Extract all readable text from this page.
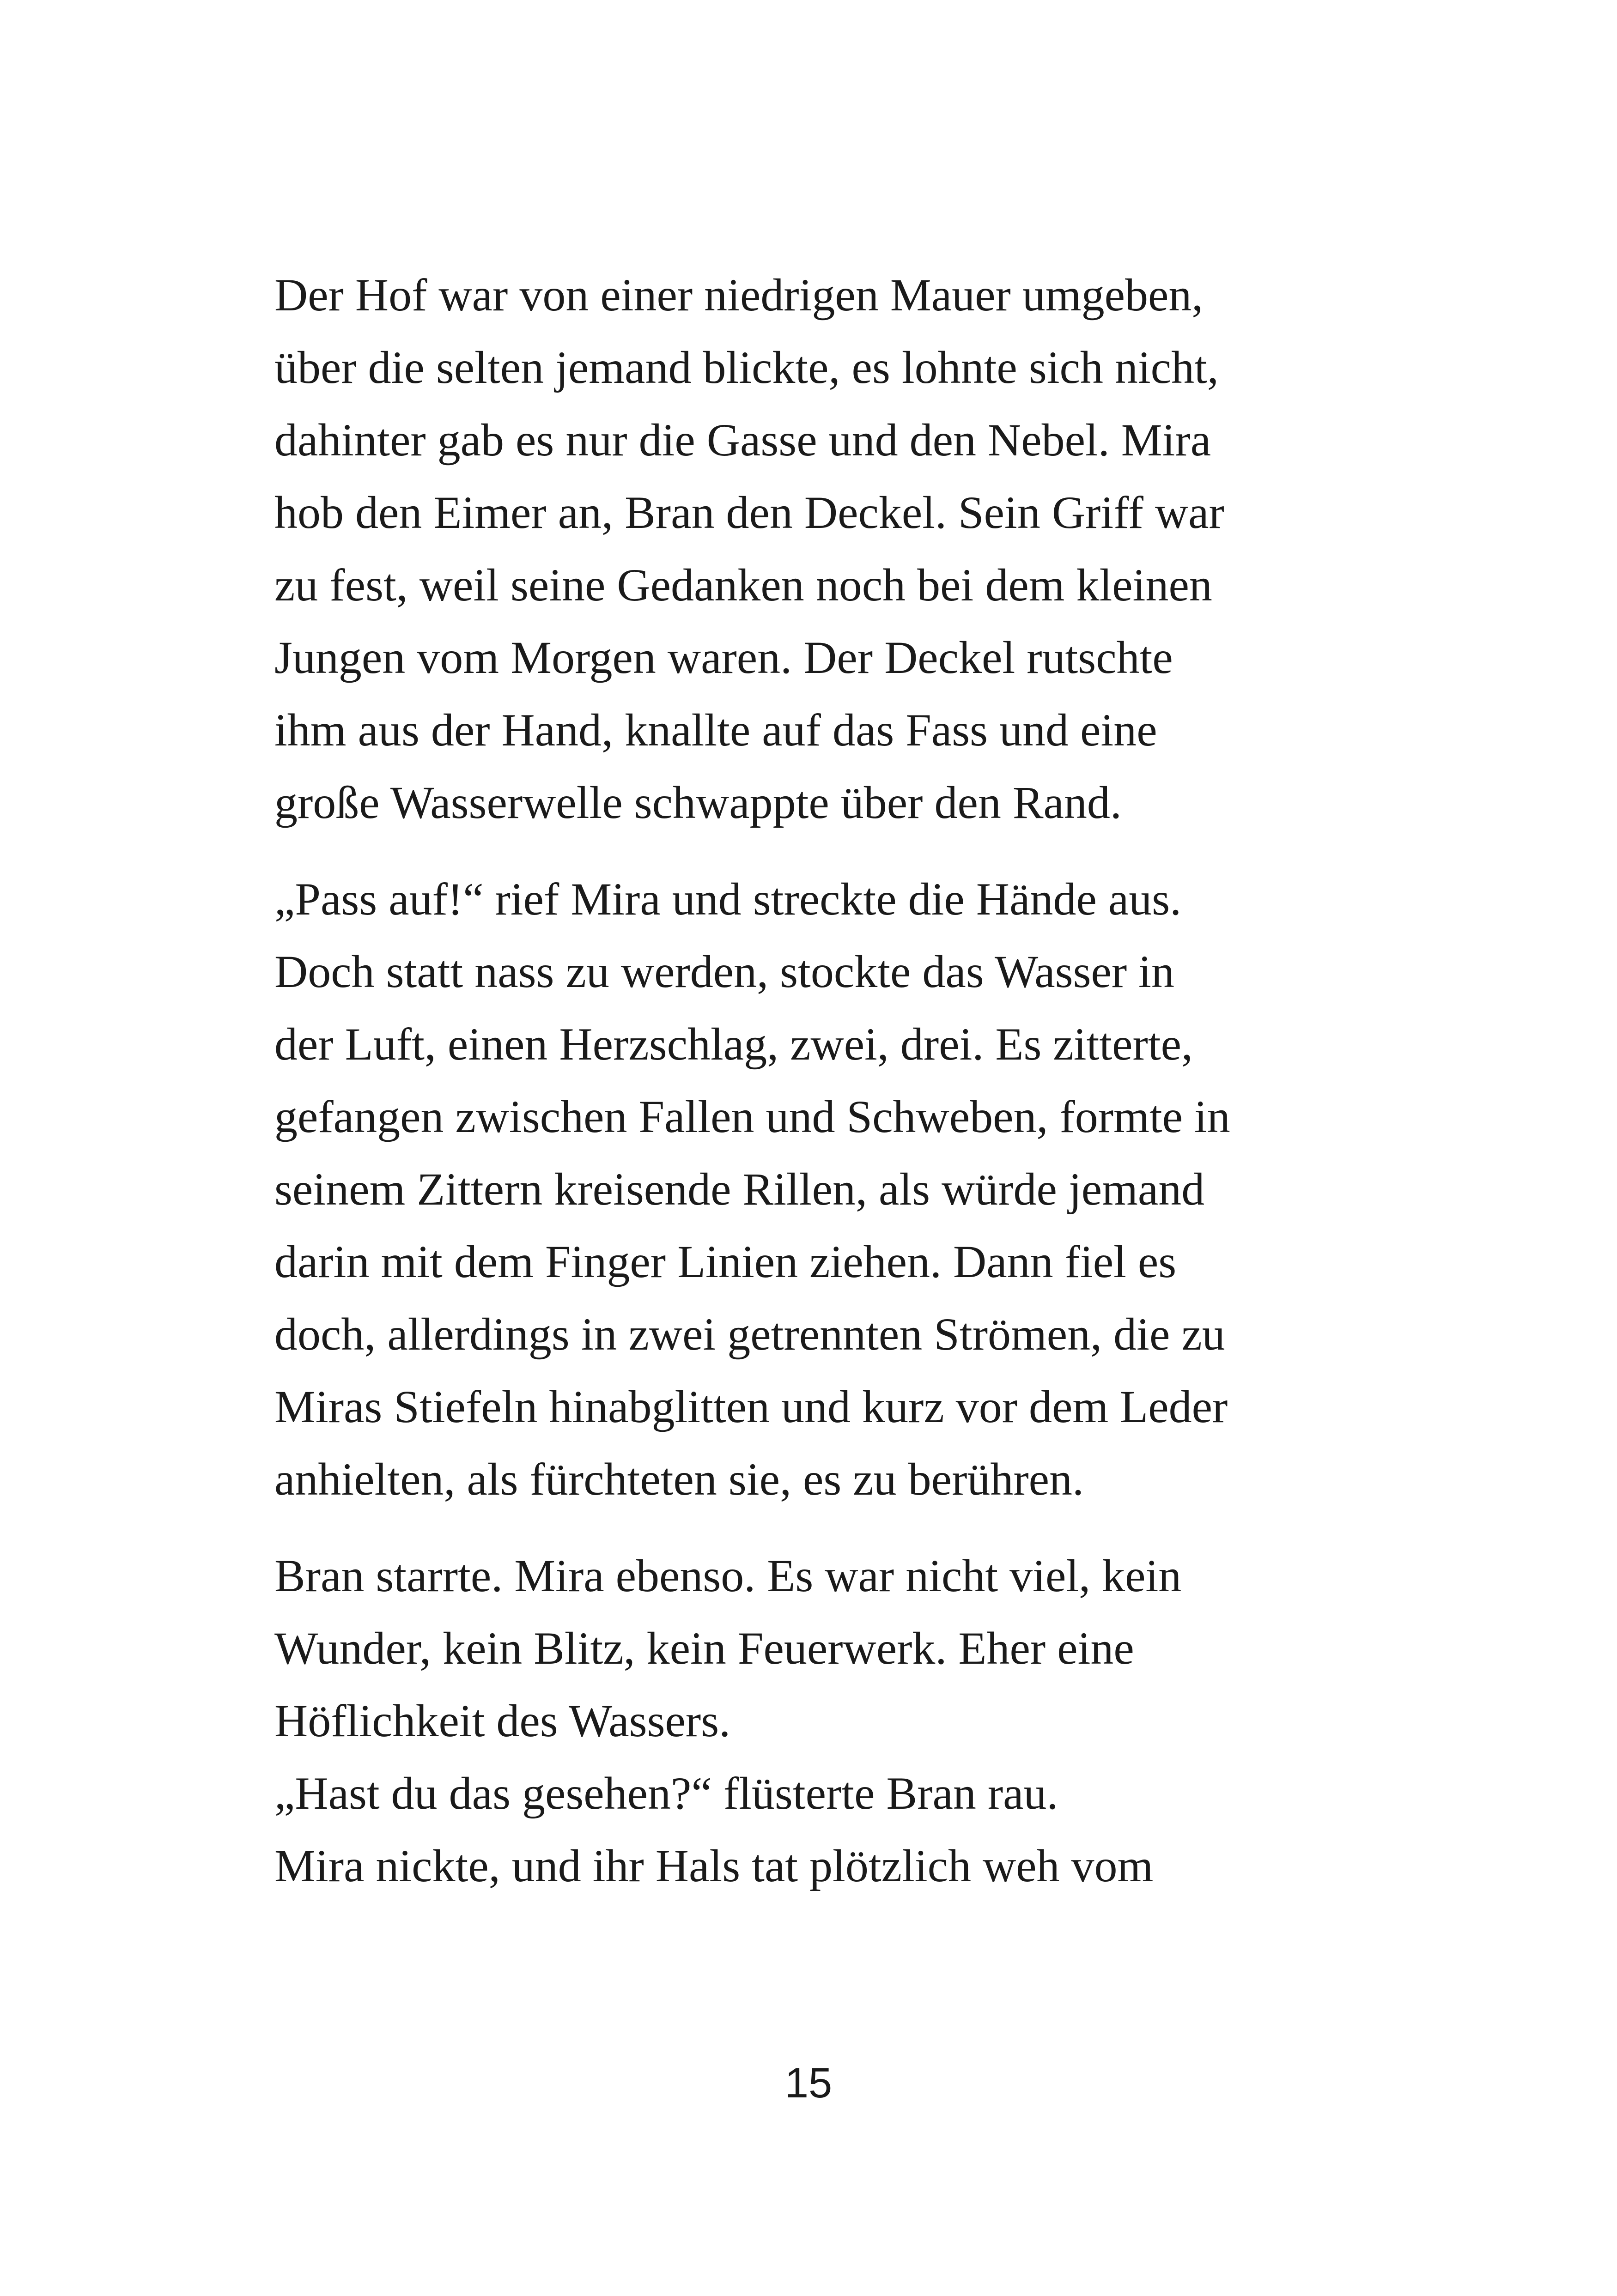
Der Hof war von einer niedrigen Mauer umgeben,
über die selten jemand blickte, es lohnte sich nicht,
dahinter gab es nur die Gasse und den Nebel. Mira
hob den Eimer an, Bran den Deckel. Sein Griff war
zu fest, weil seine Gedanken noch bei dem kleinen
Jungen vom Morgen waren. Der Deckel rutschte
ihm aus der Hand, knallte auf das Fass und eine
große Wasserwelle schwappte über den Rand.
„Pass auf!“ rief Mira und streckte die Hände aus.
Doch statt nass zu werden, stockte das Wasser in
der Luft, einen Herzschlag, zwei, drei. Es zitterte,
gefangen zwischen Fallen und Schweben, formte in
seinem Zittern kreisende Rillen, als würde jemand
darin mit dem Finger Linien ziehen. Dann fiel es
doch, allerdings in zwei getrennten Strömen, die zu
Miras Stiefeln hinabglitten und kurz vor dem Leder
anhielten, als fürchteten sie, es zu berühren.
Bran starrte. Mira ebenso. Es war nicht viel, kein
Wunder, kein Blitz, kein Feuerwerk. Eher eine
Höflichkeit des Wassers.
„Hast du das gesehen?“ flüsterte Bran rau.
Mira nickte, und ihr Hals tat plötzlich weh vom
15
